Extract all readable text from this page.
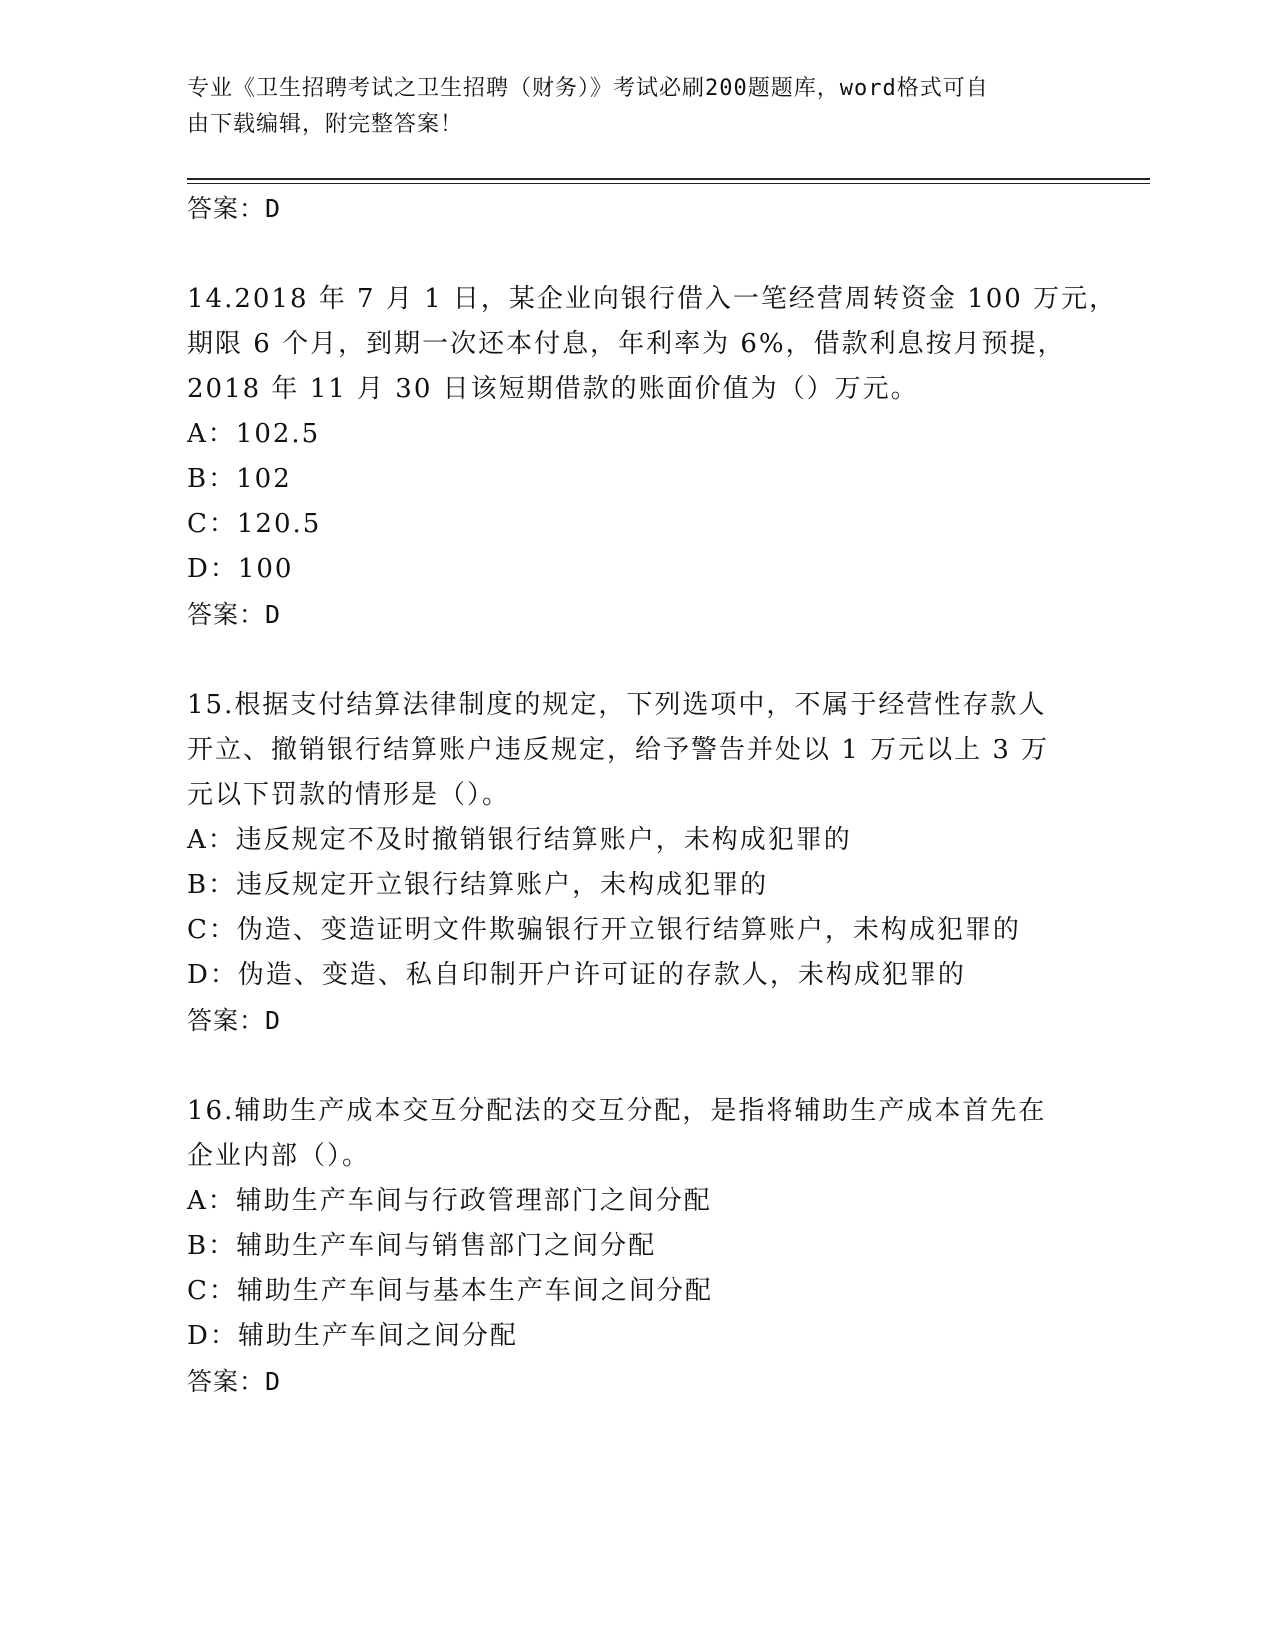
专业《卫生招聘考试之卫生招聘（财务）》考试必刷200题题库，word格式可自
由下载编辑，附完整答案！
答案：D
14.2018 年 7 月 1 日，某企业向银行借入一笔经营周转资金 100 万元，
期限 6 个月，到期一次还本付息，年利率为 6%，借款利息按月预提，
2018 年 11 月 30 日该短期借款的账面价值为（）万元。
A：102.5
B：102
C：120.5
D：100
答案：D
15.根据支付结算法律制度的规定，下列选项中，不属于经营性存款人
开立、撤销银行结算账户违反规定，给予警告并处以 1 万元以上 3 万
元以下罚款的情形是（）。
A：违反规定不及时撤销银行结算账户，未构成犯罪的
B：违反规定开立银行结算账户，未构成犯罪的
C：伪造、变造证明文件欺骗银行开立银行结算账户，未构成犯罪的
D：伪造、变造、私自印制开户许可证的存款人，未构成犯罪的
答案：D
16.辅助生产成本交互分配法的交互分配，是指将辅助生产成本首先在
企业内部（）。
A：辅助生产车间与行政管理部门之间分配
B：辅助生产车间与销售部门之间分配
C：辅助生产车间与基本生产车间之间分配
D：辅助生产车间之间分配
答案：D
